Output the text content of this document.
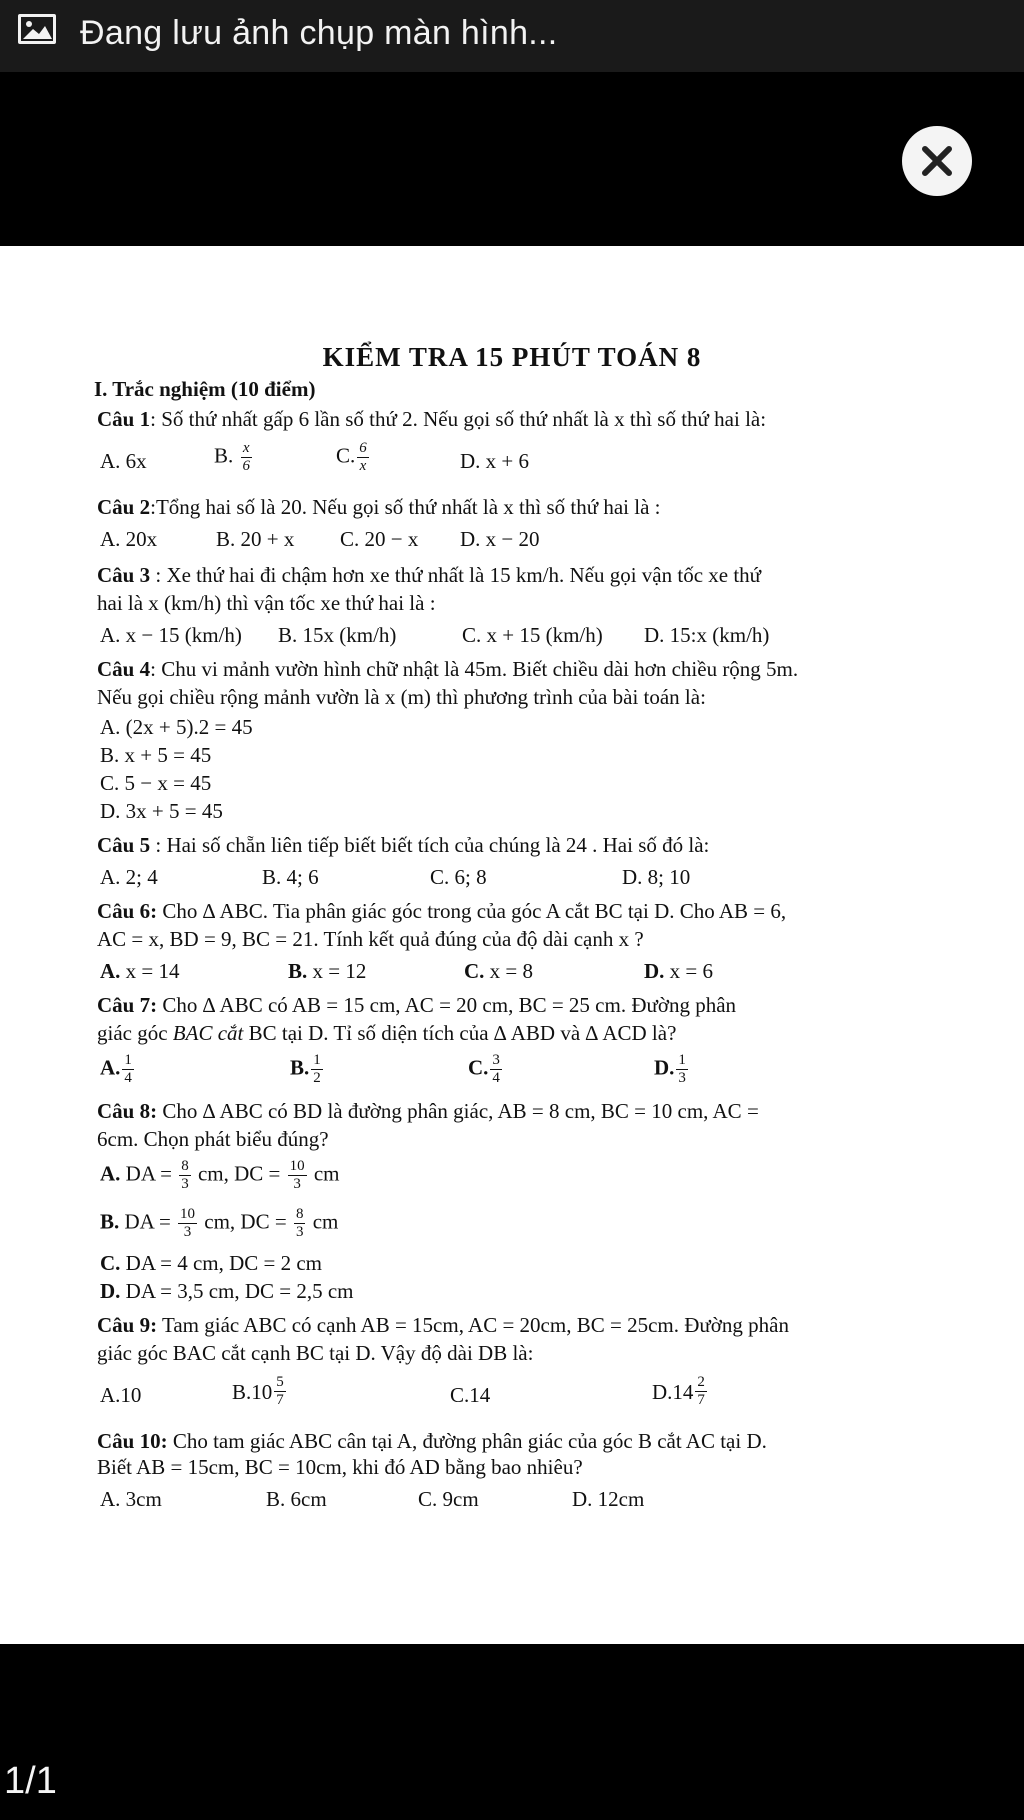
Đang lưu ảnh chụp màn hình...
KIỂM TRA 15 PHÚT TOÁN 8
I. Trắc nghiệm (10 điểm)
Câu 1: Số thứ nhất gấp 6 lần số thứ 2. Nếu gọi số thứ nhất là x thì số thứ hai là:
A. 6x	B. $\frac{x}{6}$	C. $\frac{6}{x}$	D. x + 6
Câu 2:Tổng hai số là 20. Nếu gọi số thứ nhất là x thì số thứ hai là :
A. 20x	B. 20 + x C. 20 − x D. x − 20
Câu 3 : Xe thứ hai đi chậm hơn xe thứ nhất là 15 km/h. Nếu gọi vận tốc xe thứ
hai là x (km/h) thì vận tốc xe thứ hai là :
A. x − 15 (km/h) B. 15x (km/h)	C. x + 15 (km/h) D. 15:x (km/h)
Câu 4: Chu vi mảnh vườn hình chữ nhật là 45m. Biết chiều dài hơn chiều rộng 5m.
Nếu gọi chiều rộng mảnh vườn là x (m) thì phương trình của bài toán là:
A. (2x + 5).2 = 45
B. x + 5 = 45
C. 5 − x = 45
D. 3x + 5 = 45
Câu 5 : Hai số chẵn liên tiếp biết biết tích của chúng là 24 . Hai số đó là:
A. 2; 4	B. 4; 6	C. 6; 8	D. 8; 10
Câu 6: Cho ∆ ABC. Tia phân giác góc trong của góc A cắt BC tại D. Cho AB = 6,
AC = x, BD = 9, BC = 21. Tính kết quả đúng của độ dài cạnh x ?
A. x = 14	B. x = 12	C. x = 8	D. x = 6
Câu 7: Cho ∆ ABC có AB = 15 cm, AC = 20 cm, BC = 25 cm. Đường phân
giác góc BAC cắt BC tại D. Tỉ số diện tích của ∆ ABD và ∆ ACD là?
A. $\frac{1}{4}$	B. $\frac{1}{2}$	C. $\frac{3}{4}$	D. $\frac{1}{3}$
Câu 8: Cho ∆ ABC có BD là đường phân giác, AB = 8 cm, BC = 10 cm, AC =
6cm. Chọn phát biểu đúng?
A. DA = $\frac{8}{3}$ cm, DC = $\frac{10}{3}$ cm
B. DA = $\frac{10}{3}$ cm, DC = $\frac{8}{3}$ cm
C. DA = 4 cm, DC = 2 cm
D. DA = 3,5 cm, DC = 2,5 cm
Câu 9: Tam giác ABC có cạnh AB = 15cm, AC = 20cm, BC = 25cm. Đường phân
giác góc BAC cắt cạnh BC tại D. Vậy độ dài DB là:
A.10	$B.10 \frac{5}{7}$	C.14	$D.14 \frac{2}{7}$
Câu 10: Cho tam giác ABC cân tại A, đường phân giác của góc B cắt AC tại D.
Biết AB = 15cm, BC = 10cm, khi đó AD bằng bao nhiêu?
A. 3cm	B. 6cm	C. 9cm	D. 12cm
1/1
